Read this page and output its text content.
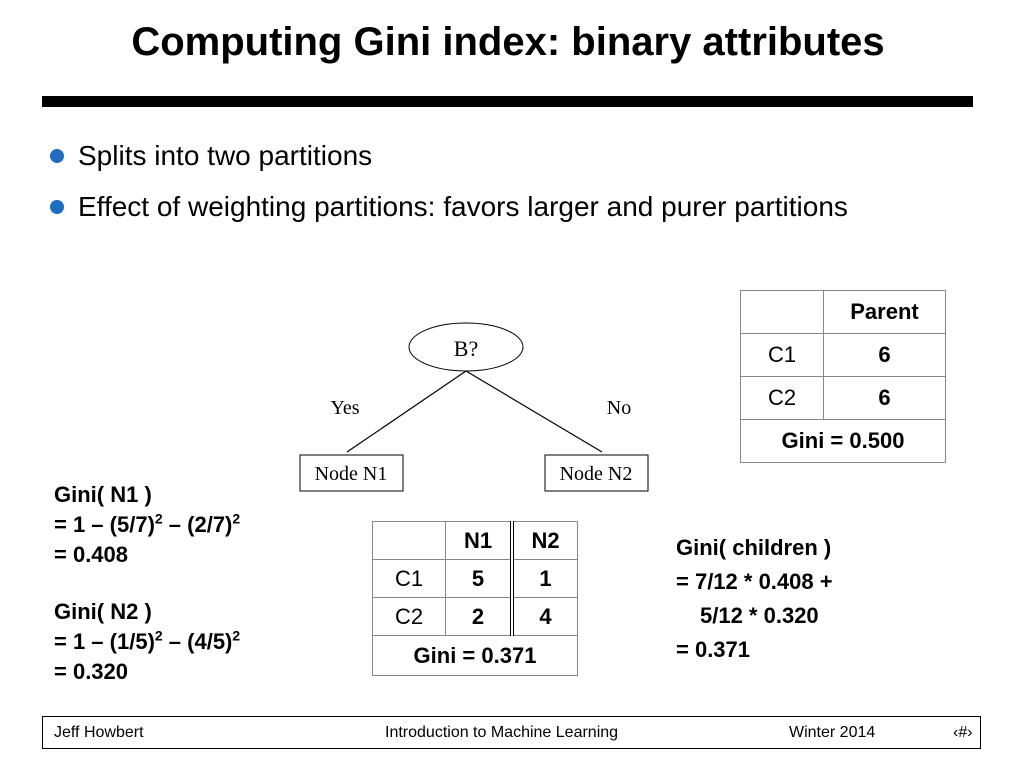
Computing Gini index: binary attributes
Splits into two partitions
Effect of weighting partitions: favors larger and purer partitions
	Parent
C1	6
C2	6
Gini = 0.500	
B?
Yes	No
Node N1	Node N2
Gini( N1 )
= $1 - (5/7)^2 - (2/7)^2$
= 0.408
Gini( N2 )
= $1 - (1/5)^2 - (4/5)^2$
= 0.320
	N1	N2
C1	5	1
C2	2	4
Gini = 0.371		
Gini( children )
= 7/12 * 0.408 +
5/12 * 0.320
= 0.371
Jeff Howbert	Introduction to Machine Learning	Winter 2014	‹#›
